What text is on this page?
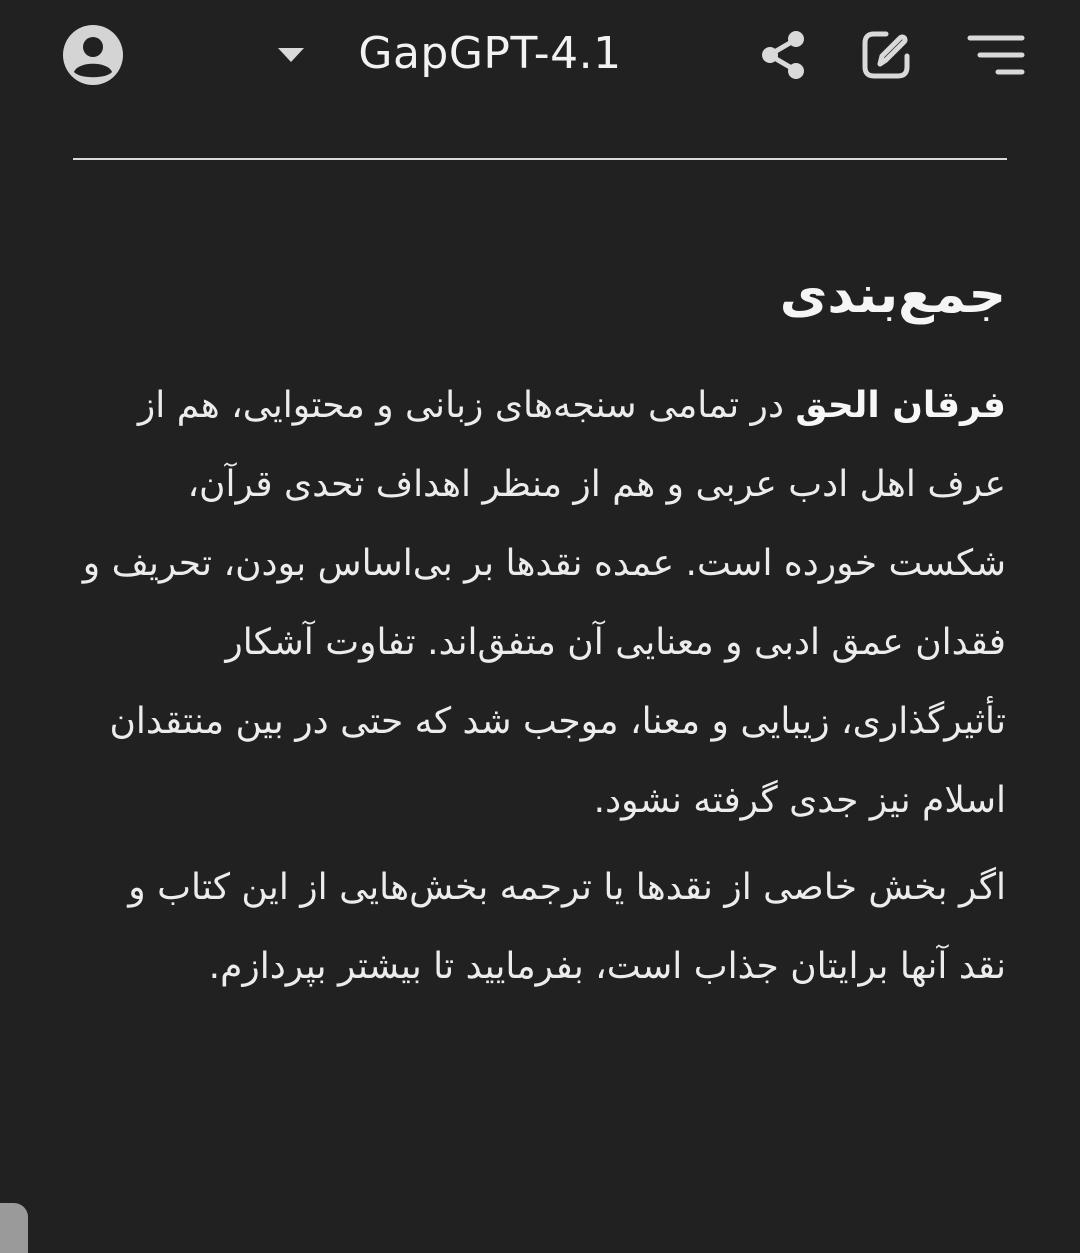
GapGPT-4.1
جمع‌بندی

فرقان الحق در تمامی سنجه‌های زبانی و محتوایی، هم از عرف اهل ادب عربی و هم از منظر اهداف تحدی قرآن، شکست خورده است. عمده نقدها بر بی‌اساس بودن، تحریف و فقدان عمق ادبی و معنایی آن متفق‌اند. تفاوت آشکار تأثیرگذاری، زیبایی و معنا، موجب شد که حتی در بین منتقدان اسلام نیز جدی گرفته نشود.

اگر بخش خاصی از نقدها یا ترجمه بخش‌هایی از این کتاب و نقد آنها برایتان جذاب است، بفرمایید تا بیشتر بپردازم.
